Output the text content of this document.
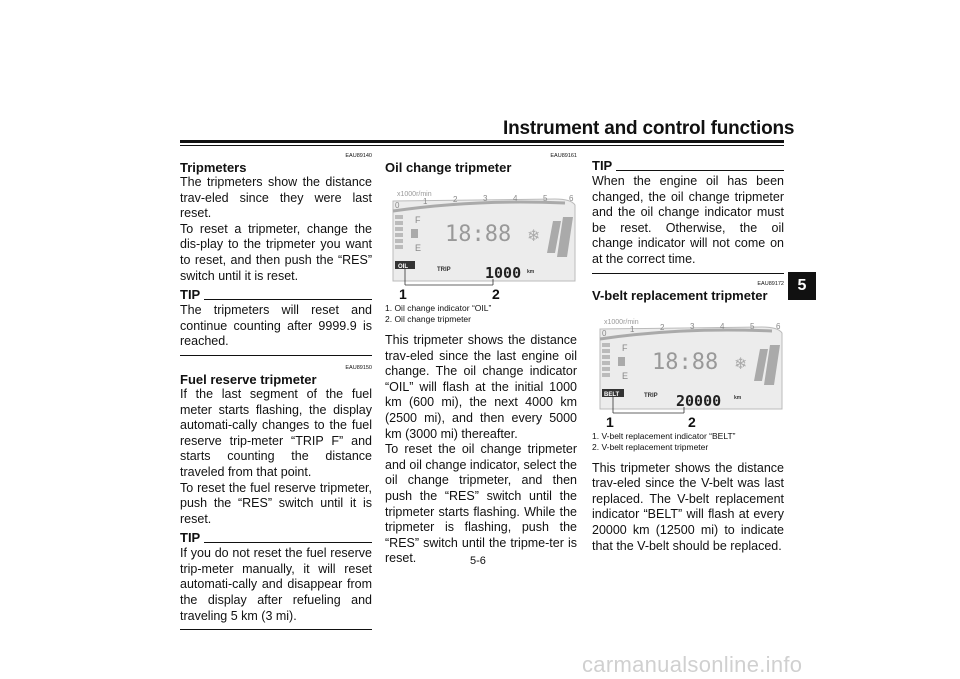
Instrument and control functions
5
EAU89140
Tripmeters

The tripmeters show the distance trav-eled since they were last reset.

To reset a tripmeter, change the dis-play to the tripmeter you want to reset, and then push the “RES” switch until it is reset.

TIP

The tripmeters will reset and continue counting after 9999.9 is reached.

EAU89150
Fuel reserve tripmeter

If the last segment of the fuel meter starts flashing, the display automati-cally changes to the fuel reserve trip-meter “TRIP F” and starts counting the distance traveled from that point.

To reset the fuel reserve tripmeter, push the “RES” switch until it is reset.

TIP

If you do not reset the fuel reserve trip-meter manually, it will reset automati-cally and disappear from the display after refueling and traveling 5 km (3 mi).

EAU89161
Oil change tripmeter
x1000r/min
0	1	2	3	4	5	6
F
E
18:88 ❄
OIL	TRIP 1000 km
1	2
1. Oil change indicator “OIL”
2. Oil change tripmeter

This tripmeter shows the distance trav-eled since the last engine oil change. The oil change indicator “OIL” will flash at the initial 1000 km (600 mi), the next 4000 km (2500 mi), and then every 5000 km (3000 mi) thereafter.

To reset the oil change tripmeter and oil change indicator, select the oil change tripmeter, and then push the “RES” switch until the tripmeter starts flashing. While the tripmeter is flashing, push the “RES” switch until the tripme-ter is reset.

TIP

When the engine oil has been changed, the oil change tripmeter and the oil change indicator must be reset. Otherwise, the oil change indicator will not come on at the correct time.

EAU89172
V-belt replacement tripmeter
x1000r/min
0	1	2	3	4	5	6
F
E
18:88 ❄
BELT	TRIP 20000	km
1	2
1. V-belt replacement indicator “BELT”
2. V-belt replacement tripmeter

This tripmeter shows the distance trav-eled since the V-belt was last replaced. The V-belt replacement indicator “BELT” will flash at every 20000 km (12500 mi) to indicate that the V-belt should be replaced.

5-6
carmanualsonline.info
